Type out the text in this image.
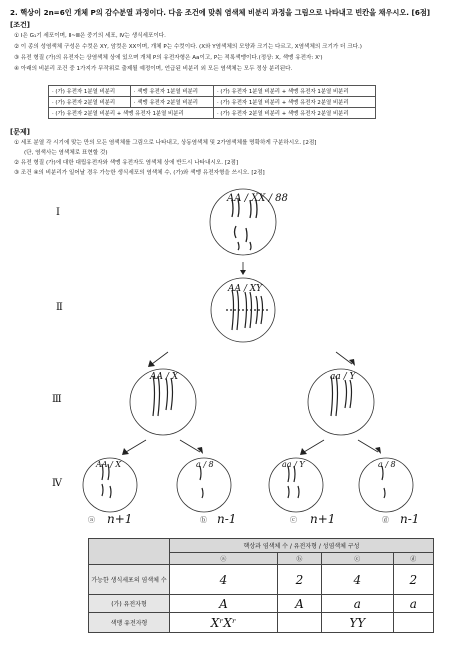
2. 핵상이 2n=6인 개체 P의 감수분열 과정이다. 다음 조건에 맞춰 염색체 비분리 과정을 그림으로 나타내고 빈칸을 채우시오. [6점]
[조건]
① Ⅰ은 G₁기 세포이며, Ⅱ~Ⅲ은 중기의 세포, Ⅳ는 생식세포이다.
② 이 종의 성염색체 구성은 수컷은 XY, 암컷은 XX이며, 개체 P는 수컷이다. (X와 Y염색체의 모양과 크기는 다르고, X염색체의 크기가 더 크다.)
③ 유전 형질 (가)의 유전자는 상염색체 상에 있으며 개체 P의 유전자형은 Aa이고, P는 적록색맹이다.(정상: X, 색맹 유전자: Xʳ)
④ 아래의 비분리 조건 중 1가지가 무작위로 출제될 예정이며, 언급된 비분리 외 모든 염색체는 모두 정상 분리된다.
· (가) 유전자 1분열 비분리	· 색맹 유전자 1분열 비분리	· (가) 유전자 1분열 비분리 + 색맹 유전자 1분열 비분리
· (가) 유전자 2분열 비분리	· 색맹 유전자 2분열 비분리	· (가) 유전자 1분열 비분리 + 색맹 유전자 2분열 비분리
· (가) 유전자 2분열 비분리 + 색맹 유전자 1분열 비분리		· (가) 유전자 2분열 비분리 + 색맹 유전자 2분열 비분리
[문제]
① 세포 분열 각 시기에 맞는 만의 모든 염색체를 그림으로 나타내고, 상동염색체 및 2가염색체를 명확하게 구분하시오. [2점]
(단, 염색사는 염색체로 표현할 것)
② 유전 형질 (가)에 대한 대립유전자와 색맹 유전자도 염색체 상에 반드시 나타내시오. [2점]
③ 조건 ④의 비분리가 일어날 경우 가능한 생식세포의 염색체 수, (가)와 색맹 유전자형을 쓰시오. [2점]
Ⅰ
Ⅱ
Ⅲ
Ⅳ
AA / XX / 88
AA / XY
AA / X	aa / Y
AA / X	a / 8	aa / Y	a / 8
ⓐ n+1	ⓑ n-1	ⓒ n+1	ⓓ n-1
	핵상과 염색체 수 / 유전자형 / 성염색체 구성			
	ⓐ	ⓑ	ⓒ	ⓓ
가능한 생식세포의 염색체 수	4	2	4	2
(가) 유전자형	A	A	a	a
색맹 유전자형	XʳXʳ		YY	
